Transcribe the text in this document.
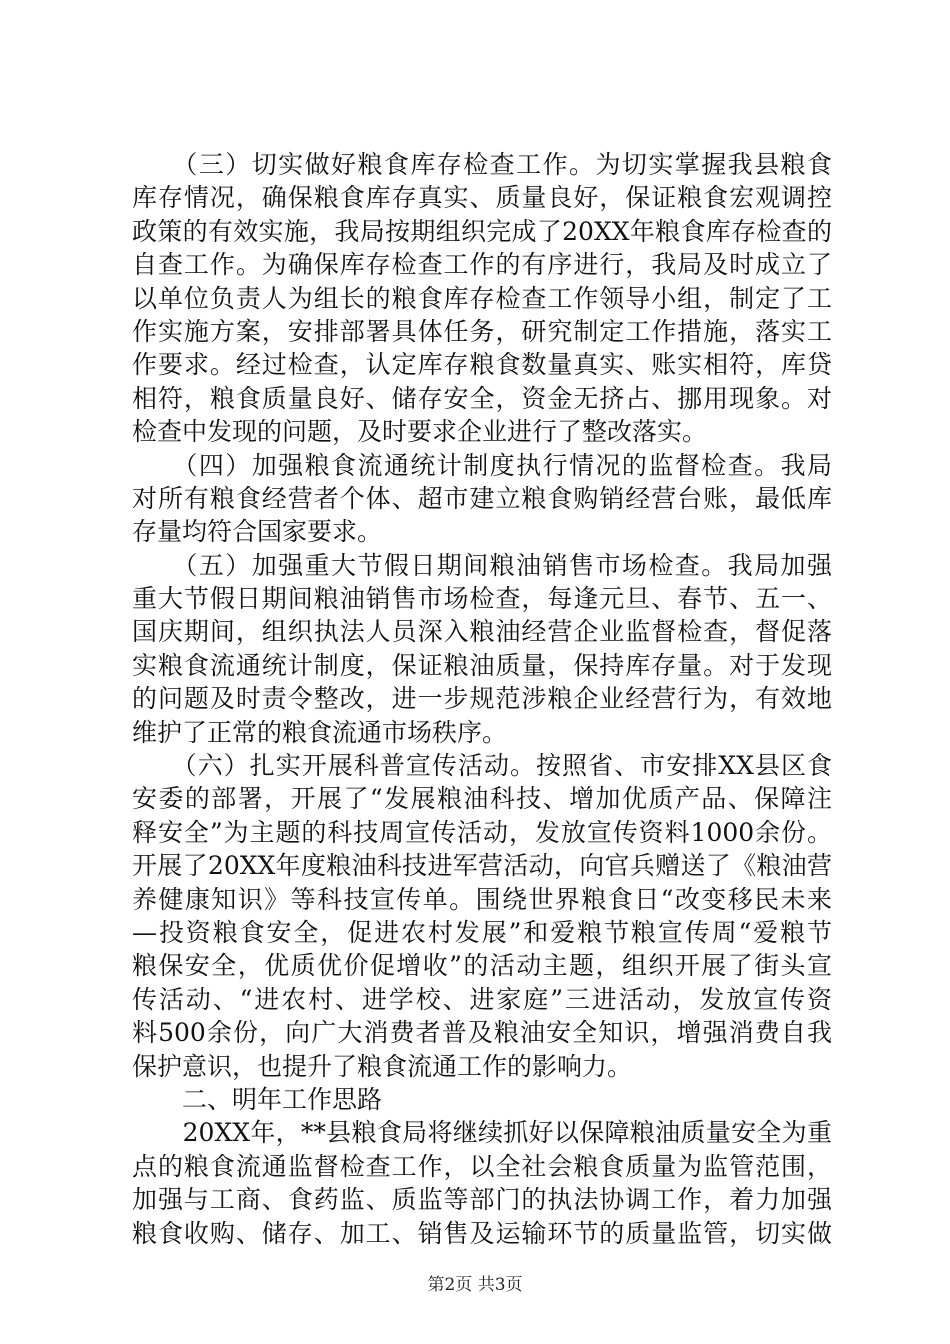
　　（三）切实做好粮食库存检查工作。为切实掌握我县粮食
库存情况，确保粮食库存真实、质量良好，保证粮食宏观调控
政策的有效实施，我局按期组织完成了20XX年粮食库存检查的
自查工作。为确保库存检查工作的有序进行，我局及时成立了
以单位负责人为组长的粮食库存检查工作领导小组，制定了工
作实施方案，安排部署具体任务，研究制定工作措施，落实工
作要求。经过检查，认定库存粮食数量真实、账实相符，库贷
相符，粮食质量良好、储存安全，资金无挤占、挪用现象。对
检查中发现的问题，及时要求企业进行了整改落实。
　　（四）加强粮食流通统计制度执行情况的监督检查。我局
对所有粮食经营者个体、超市建立粮食购销经营台账，最低库
存量均符合国家要求。
　　（五）加强重大节假日期间粮油销售市场检查。我局加强
重大节假日期间粮油销售市场检查，每逢元旦、春节、五一、
国庆期间，组织执法人员深入粮油经营企业监督检查，督促落
实粮食流通统计制度，保证粮油质量，保持库存量。对于发现
的问题及时责令整改，进一步规范涉粮企业经营行为，有效地
维护了正常的粮食流通市场秩序。
　　（六）扎实开展科普宣传活动。按照省、市安排XX县区食
安委的部署，开展了“发展粮油科技、增加优质产品、保障注
释安全”为主题的科技周宣传活动，发放宣传资料1000余份。
开展了20XX年度粮油科技进军营活动，向官兵赠送了《粮油营
养健康知识》等科技宣传单。围绕世界粮食日“改变移民未来
—投资粮食安全，促进农村发展”和爱粮节粮宣传周“爱粮节
粮保安全，优质优价促增收”的活动主题，组织开展了街头宣
传活动、“进农村、进学校、进家庭”三进活动，发放宣传资
料500余份，向广大消费者普及粮油安全知识，增强消费自我
保护意识，也提升了粮食流通工作的影响力。
　　二、明年工作思路
　　20XX年，**县粮食局将继续抓好以保障粮油质量安全为重
点的粮食流通监督检查工作，以全社会粮食质量为监管范围，
加强与工商、食药监、质监等部门的执法协调工作，着力加强
粮食收购、储存、加工、销售及运输环节的质量监管，切实做
第2页 共3页
